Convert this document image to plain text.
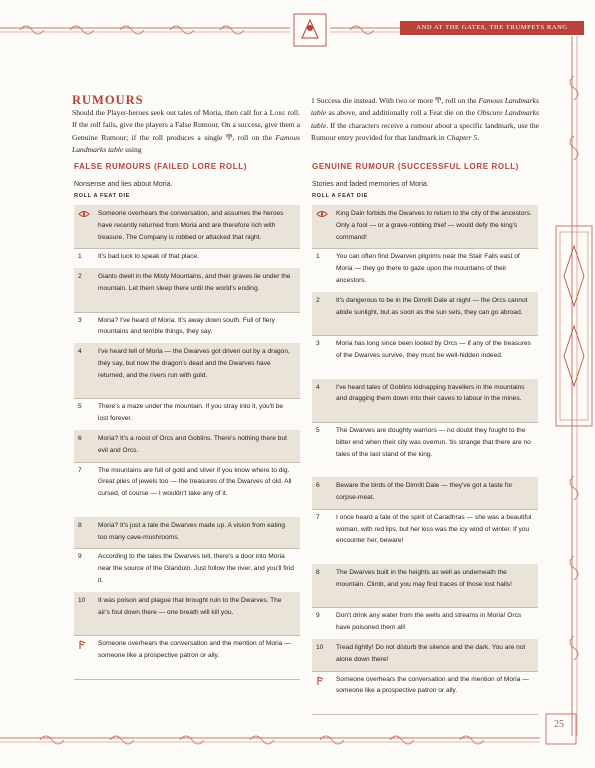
AND AT THE GATES, THE TRUMPETS RANG
25
RUMOURS
Should the Player-heroes seek out tales of Moria, then call for a Lore roll. If the roll fails, give the players a False Rumour. On a success, give them a Genuine Rumour; if the roll produces a single Ͳ, roll on the Famous Landmarks table using
1 Success die instead. With two or more Ͳ, roll on the Famous Landmarks table as above, and additionally roll a Feat die on the Obscure Landmarks table. If the characters receive a rumour about a specific landmark, use the Rumour entry provided for that landmark in Chapter 5.
FALSE RUMOURS (FAILED LORE ROLL)
Nonsense and lies about Moria.
ROLL A FEAT DIE
Someone overhears the conversation, and assumes the heroes have recently returned from Moria and are therefore rich with treasure. The Company is robbed or attacked that night.
1	It's bad luck to speak of that place.
2	Giants dwell in the Misty Mountains, and their graves lie under the mountain. Let them sleep there until the world's ending.
3	Moria? I've heard of Moria. It's away down south. Full of fiery mountains and terrible things, they say.
4	I've heard tell of Moria — the Dwarves got driven out by a dragon, they say, but now the dragon's dead and the Dwarves have returned, and the rivers run with gold.
5	There's a maze under the mountain. If you stray into it, you'll be lost forever.
6	Moria? It's a roost of Orcs and Goblins. There's nothing there but evil and Orcs.
7	The mountains are full of gold and silver if you know where to dig. Great piles of jewels too — the treasures of the Dwarves of old. All cursed, of course — I wouldn't take any of it.
8	Moria? It's just a tale the Dwarves made up. A vision from eating too many cave-mushrooms.
9	According to the tales the Dwarves tell, there's a door into Moria near the source of the Glanduin. Just follow the river, and you'll find it.
10	It was poison and plague that brought ruin to the Dwarves. The air's foul down there — one breath will kill you.
Someone overhears the conversation and the mention of Moria — someone like a prospective patron or ally.
GENUINE RUMOUR (SUCCESSFUL LORE ROLL)
Stories and faded memories of Moria.
ROLL A FEAT DIE
King Dain forbids the Dwarves to return to the city of the ancestors. Only a fool — or a grave-robbing thief — would defy the king's command!
1	You can often find Dwarven pilgrims near the Stair Falls east of Moria — they go there to gaze upon the mountains of their ancestors.
2	It's dangerous to be in the Dimrill Dale at night — the Orcs cannot abide sunlight, but as soon as the sun sets, they can go abroad.
3	Moria has long since been looted by Orcs — if any of the treasures of the Dwarves survive, they must be well-hidden indeed.
4	I've heard tales of Goblins kidnapping travellers in the mountains and dragging them down into their caves to labour in the mines.
5	The Dwarves are doughty warriors — no doubt they fought to the bitter end when their city was overrun. 'tis strange that there are no tales of the last stand of the king.
6	Beware the birds of the Dimrill Dale — they've got a taste for corpse-meat.
7	I once heard a tale of the spirit of Caradhras — she was a beautiful woman, with red lips, but her kiss was the icy wind of winter. If you encounter her, beware!
8	The Dwarves built in the heights as well as underneath the mountain. Climb, and you may find traces of those lost halls!
9	Don't drink any water from the wells and streams in Moria! Orcs have poisoned them all!
10	Tread lightly! Do not disturb the silence and the dark. You are not alone down there!
Someone overhears the conversation and the mention of Moria — someone like a prospective patron or ally.
